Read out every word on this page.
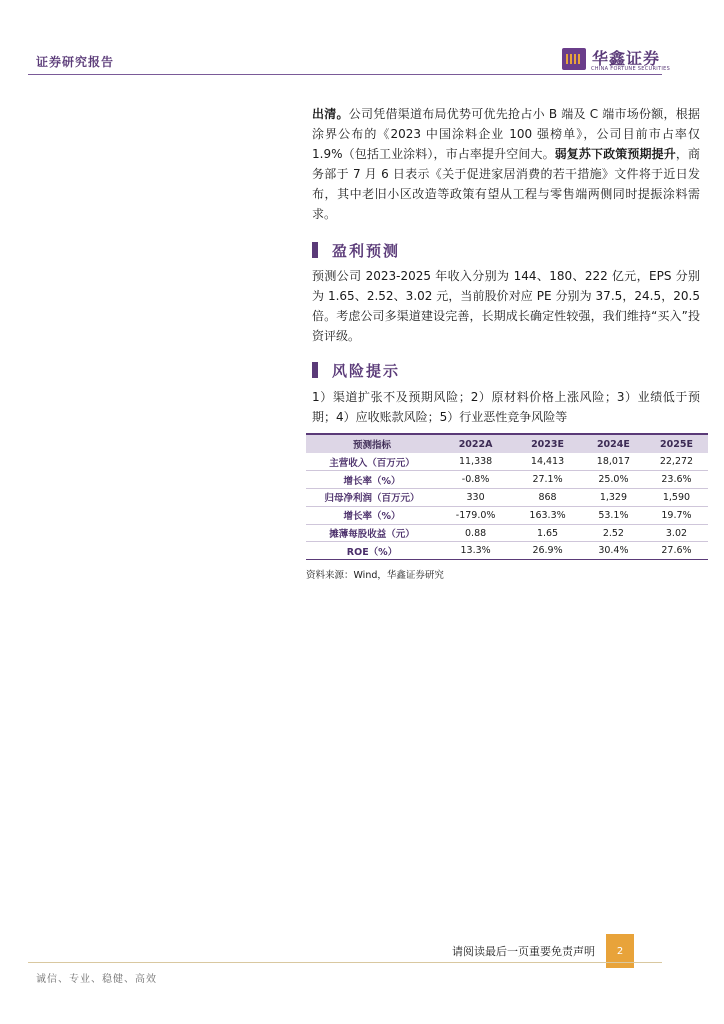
证券研究报告	华鑫证券
CHINA FORTUNE SECURITIES

出清。公司凭借渠道布局优势可优先抢占小 B 端及 C 端市场份额，根据涂界公布的《2023 中国涂料企业 100 强榜单》，公司目前市占率仅 1.9%（包括工业涂料），市占率提升空间大。弱复苏下政策预期提升，商务部于 7 月 6 日表示《关于促进家居消费的若干措施》文件将于近日发布，其中老旧小区改造等政策有望从工程与零售端两侧同时提振涂料需求。

盈利预测

预测公司 2023-2025 年收入分别为 144、180、222 亿元，EPS 分别为 1.65、2.52、3.02 元，当前股价对应 PE 分别为 37.5，24.5，20.5 倍。考虑公司多渠道建设完善，长期成长确定性较强，我们维持“买入”投资评级。

风险提示

1）渠道扩张不及预期风险；2）原材料价格上涨风险；3）业绩低于预期；4）应收账款风险；5）行业恶性竞争风险等

预测指标	2022A	2023E	2024E	2025E
主营收入（百万元）	11,338	14,413	18,017	22,272
增长率（%）	-0.8%	27.1%	25.0%	23.6%
归母净利润（百万元）	330	868	1,329	1,590
增长率（%）	-179.0%	163.3%	53.1%	19.7%
摊薄每股收益（元）	0.88	1.65	2.52	3.02
ROE（%）	13.3%	26.9%	30.4%	27.6%
资料来源：Wind，华鑫证券研究
请阅读最后一页重要免责声明	2
诚信、专业、稳健、高效
